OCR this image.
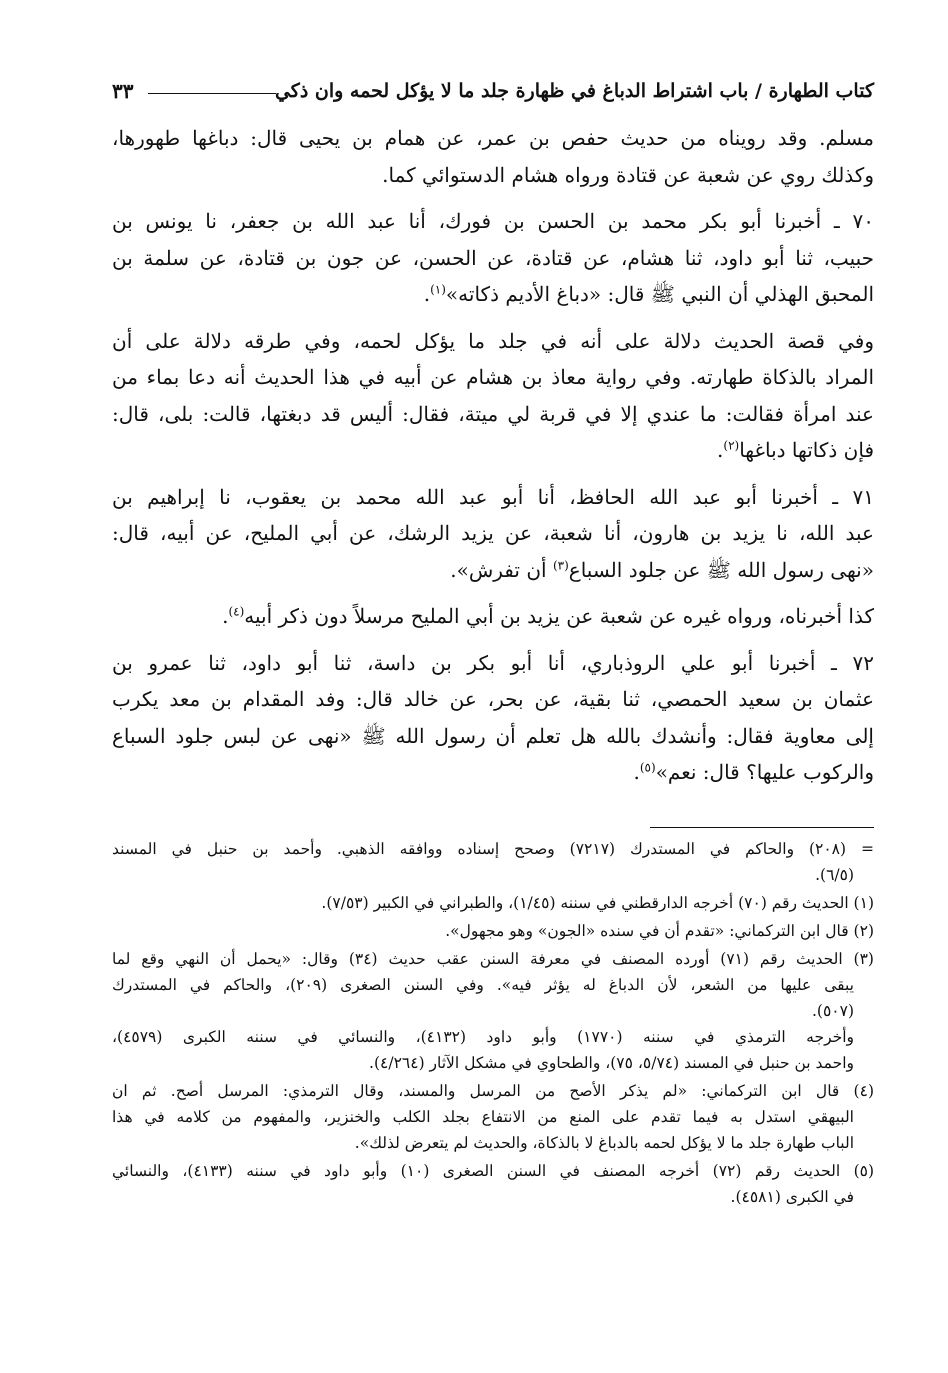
كتاب الطهارة / باب اشتراط الدباغ في ظهارة جلد ما لا يؤكل لحمه وان ذكي
٣٣

مسلم. وقد رويناه من حديث حفص بن عمر، عن همام بن يحيى قال: دباغها طهورها،
وكذلك روي عن شعبة عن قتادة ورواه هشام الدستوائي كما.

٧٠ ـ أخبرنا أبو بكر محمد بن الحسن بن فورك، أنا عبد الله بن جعفر، نا يونس بن
حبيب، ثنا أبو داود، ثنا هشام، عن قتادة، عن الحسن، عن جون بن قتادة، عن سلمة بن
المحبق الهذلي أن النبي ﷺ قال: «دباغ الأديم ذكاته»$^{(١)}$.

وفي قصة الحديث دلالة على أنه في جلد ما يؤكل لحمه، وفي طرقه دلالة على أن
المراد بالذكاة طهارته. وفي رواية معاذ بن هشام عن أبيه في هذا الحديث أنه دعا بماء من
عند امرأة فقالت: ما عندي إلا في قربة لي ميتة، فقال: أليس قد دبغتها، قالت: بلى، قال:
فإن ذكاتها دباغها$^{(٢)}$.

٧١ ـ أخبرنا أبو عبد الله الحافظ، أنا أبو عبد الله محمد بن يعقوب، نا إبراهيم بن
عبد الله، نا يزيد بن هارون، أنا شعبة، عن يزيد الرشك، عن أبي المليح، عن أبيه، قال:
«نهى رسول الله ﷺ عن جلود السباع$^{(٣)}$ أن تفرش».

كذا أخبرناه، ورواه غيره عن شعبة عن يزيد بن أبي المليح مرسلاً دون ذكر أبيه$^{(٤)}$.

٧٢ ـ أخبرنا أبو علي الروذباري، أنا أبو بكر بن داسة، ثنا أبو داود، ثنا عمرو بن
عثمان بن سعيد الحمصي، ثنا بقية، عن بحر، عن خالد قال: وفد المقدام بن معد يكرب
إلى معاوية فقال: وأنشدك بالله هل تعلم أن رسول الله ﷺ «نهى عن لبس جلود السباع
والركوب عليها؟ قال: نعم»$^{(٥)}$.

= (٢٠٨) والحاكم في المستدرك (٧٢١٧) وصحح إسناده ووافقه الذهبي. وأحمد بن حنبل في المسند
(٦/٥).
(١) الحديث رقم (٧٠) أخرجه الدارقطني في سننه (١/٤٥)، والطبراني في الكبير (٧/٥٣).
(٢) قال ابن التركماني: «تقدم أن في سنده «الجون» وهو مجهول».
(٣) الحديث رقم (٧١) أورده المصنف في معرفة السنن عقب حديث (٣٤) وقال: «يحمل أن النهي وقع لما
يبقى عليها من الشعر، لأن الدباغ له يؤثر فيه». وفي السنن الصغرى (٢٠٩)، والحاكم في المستدرك
(٥٠٧).
وأخرجه الترمذي في سننه (١٧٧٠) وأبو داود (٤١٣٢)، والنسائي في سننه الكبرى (٤٥٧٩)،
واحمد بن حنبل في المسند (٥/٧٤، ٧٥)، والطحاوي في مشكل الآثار (٤/٢٦٤).
(٤) قال ابن التركماني: «لم يذكر الأصح من المرسل والمسند، وقال الترمذي: المرسل أصح. ثم ان
البيهقي استدل به فيما تقدم على المنع من الانتفاع بجلد الكلب والخنزير، والمفهوم من كلامه في هذا
الباب طهارة جلد ما لا يؤكل لحمه بالدباغ لا بالذكاة، والحديث لم يتعرض لذلك».
(٥) الحديث رقم (٧٢) أخرجه المصنف في السنن الصغرى (١٠) وأبو داود في سننه (٤١٣٣)، والنسائي
في الكبرى (٤٥٨١).
